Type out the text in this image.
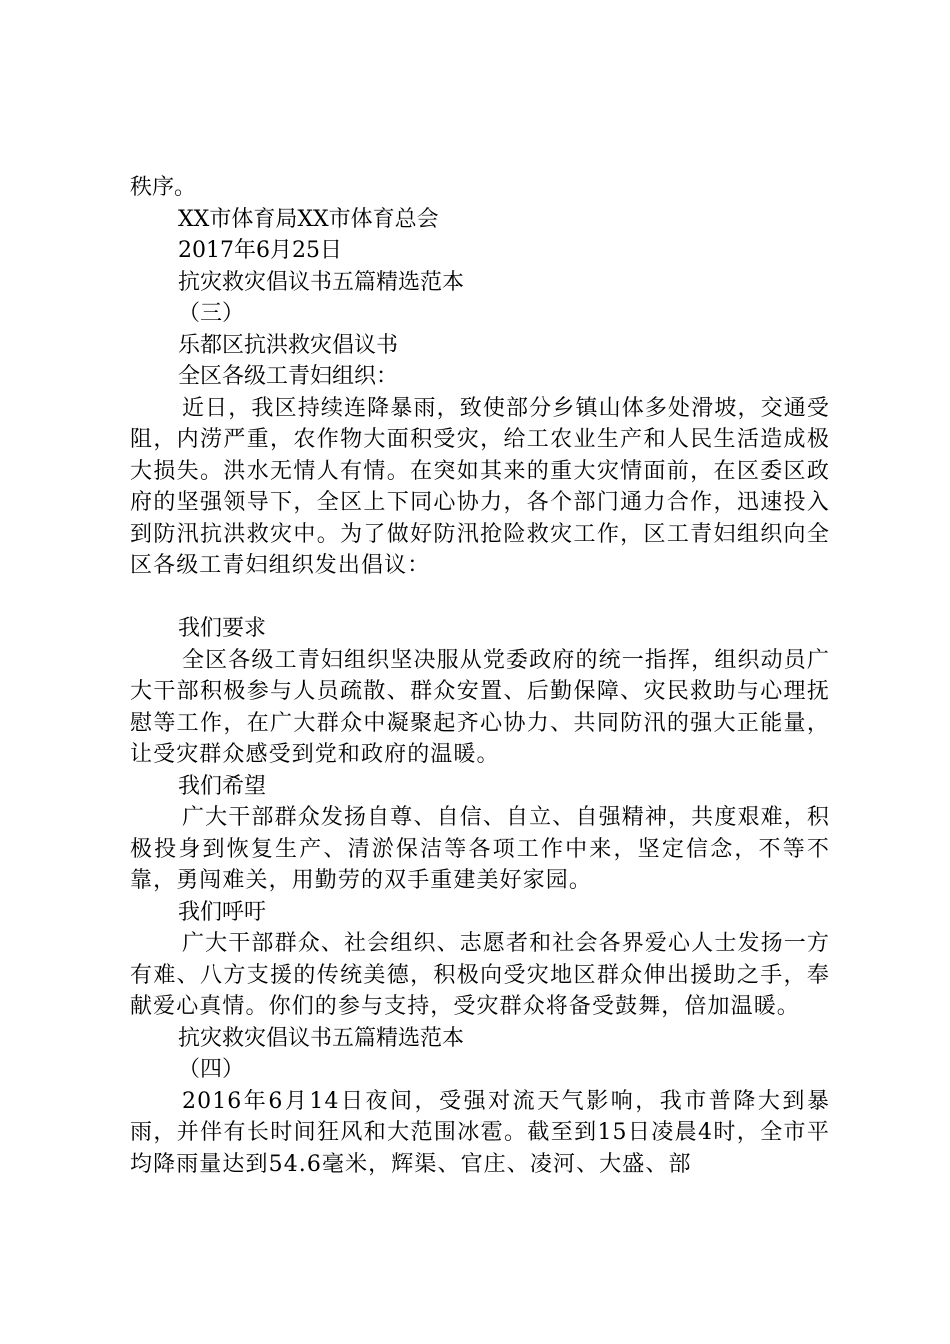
秩序。
XX市体育局XX市体育总会
2017年6月25日
抗灾救灾倡议书五篇精选范本
（三）
乐都区抗洪救灾倡议书
全区各级工青妇组织：
近日，我区持续连降暴雨，致使部分乡镇山体多处滑坡，交通受阻，内涝严重，农作物大面积受灾，给工农业生产和人民生活造成极大损失。洪水无情人有情。在突如其来的重大灾情面前，在区委区政府的坚强领导下，全区上下同心协力，各个部门通力合作，迅速投入到防汛抗洪救灾中。为了做好防汛抢险救灾工作，区工青妇组织向全区各级工青妇组织发出倡议：
我们要求
全区各级工青妇组织坚决服从党委政府的统一指挥，组织动员广大干部积极参与人员疏散、群众安置、后勤保障、灾民救助与心理抚慰等工作，在广大群众中凝聚起齐心协力、共同防汛的强大正能量，让受灾群众感受到党和政府的温暖。
我们希望
广大干部群众发扬自尊、自信、自立、自强精神，共度艰难，积极投身到恢复生产、清淤保洁等各项工作中来，坚定信念，不等不靠，勇闯难关，用勤劳的双手重建美好家园。
我们呼吁
广大干部群众、社会组织、志愿者和社会各界爱心人士发扬一方有难、八方支援的传统美德，积极向受灾地区群众伸出援助之手，奉献爱心真情。你们的参与支持，受灾群众将备受鼓舞，倍加温暖。
抗灾救灾倡议书五篇精选范本
（四）
2016年6月14日夜间，受强对流天气影响，我市普降大到暴雨，并伴有长时间狂风和大范围冰雹。截至到15日凌晨4时，全市平均降雨量达到54.6毫米，辉渠、官庄、凌河、大盛、部
